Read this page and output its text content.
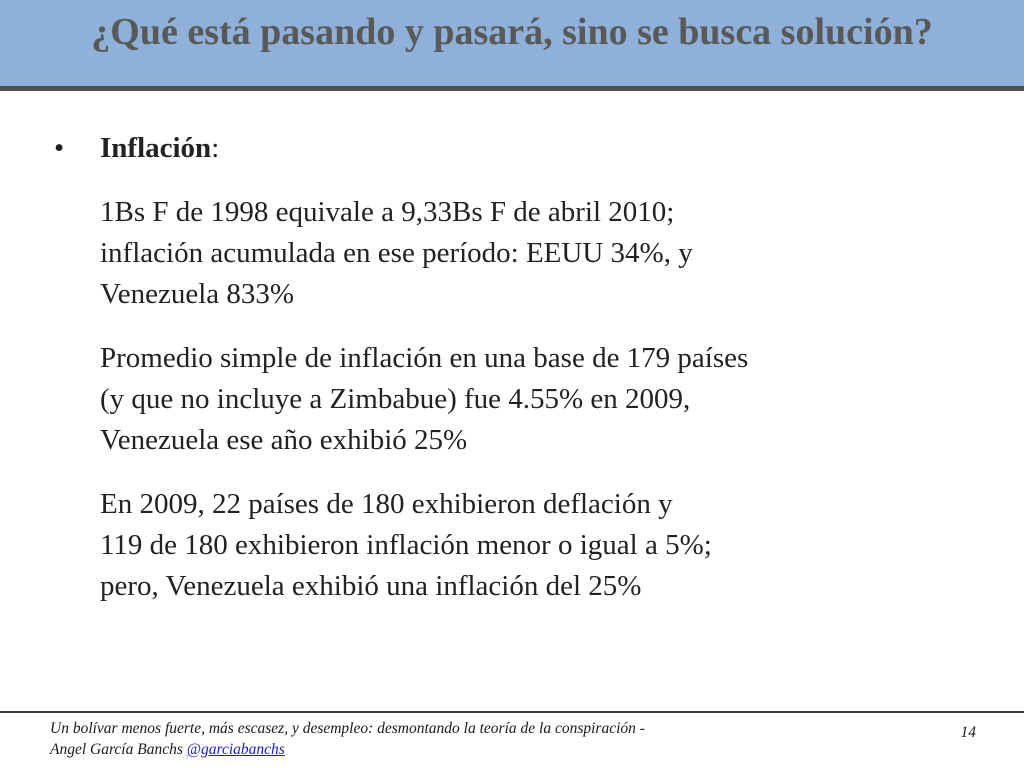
¿Qué está pasando y pasará, sino se busca solución?
•	Inflación:
1Bs F de 1998 equivale a 9,33Bs F de abril 2010;
inflación acumulada en ese período: EEUU 34%, y
Venezuela 833%
Promedio simple de inflación en una base de 179 países
(y que no incluye a Zimbabue) fue 4.55% en 2009,
Venezuela ese año exhibió 25%
En 2009, 22 países de 180 exhibieron deflación y
119 de 180 exhibieron inflación menor o igual a 5%;
pero, Venezuela exhibió una inflación del 25%
Un bolívar menos fuerte, más escasez, y desempleo: desmontando la teoría de la conspiración -
Angel García Banchs @garciabanchs
14
